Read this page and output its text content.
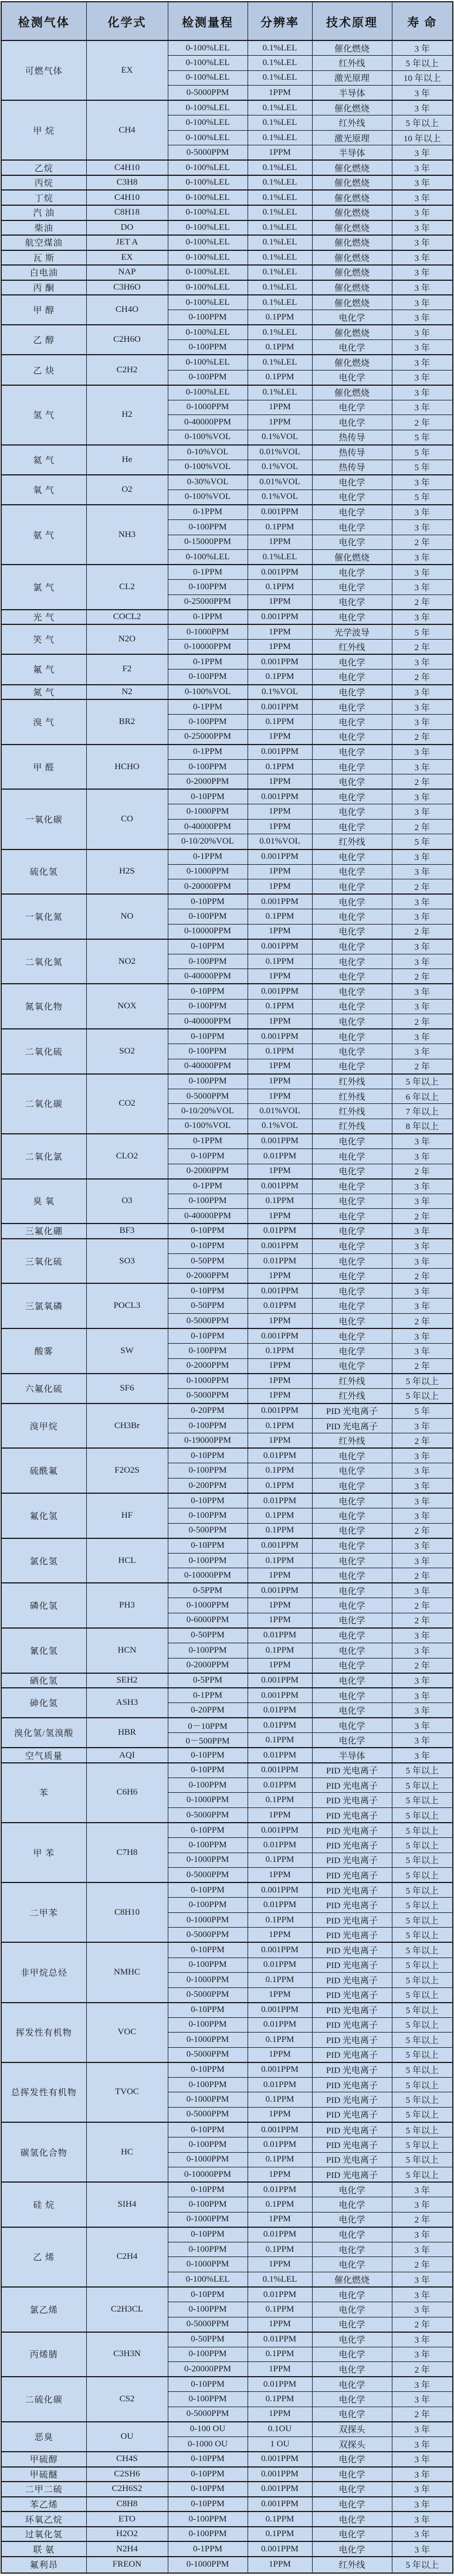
检测气体	化学式	检测量程	分辨率	技术原理	寿 命
可燃气体	EX	0-100%LEL	0.1%LEL	催化燃烧	3 年
		0-100%LEL	0.1%LEL	红外线	5 年以上
		0-100%LEL	0.1%LEL	激光原理	10 年以上
		0-5000PPM	1PPM	半导体	3 年
甲 烷	CH4	0-100%LEL	0.1%LEL	催化燃烧	3 年
		0-100%LEL	0.1%LEL	红外线	5 年以上
		0-100%LEL	0.1%LEL	激光原理	10 年以上
		0-5000PPM	1PPM	半导体	3 年
乙烷	C4H10	0-100%LEL	0.1%LEL	催化燃烧	3 年
丙烷	C3H8	0-100%LEL	0.1%LEL	催化燃烧	3 年
丁烷	C4H10	0-100%LEL	0.1%LEL	催化燃烧	3 年
汽 油	C8H18	0-100%LEL	0.1%LEL	催化燃烧	3 年
柴油	DO	0-100%LEL	0.1%LEL	催化燃烧	3 年
航空煤油	JET A	0-100%LEL	0.1%LEL	催化燃烧	3 年
瓦 斯	EX	0-100%LEL	0.1%LEL	催化燃烧	3 年
白电油	NAP	0-100%LEL	0.1%LEL	催化燃烧	3 年
丙 酮	C3H6O	0-100%LEL	0.1%LEL	催化燃烧	3 年
甲 醇	CH4O	0-100%LEL	0.1%LEL	催化燃烧	3 年
		0-100PPM	0.1PPM	电化学	3 年
乙 醇	C2H6O	0-100%LEL	0.1%LEL	催化燃烧	3 年
		0-100PPM	0.1PPM	电化学	3 年
乙 炔	C2H2	0-100%LEL	0.1%LEL	催化燃烧	3 年
		0-100PPM	0.1PPM	电化学	3 年
氢 气	H2	0-100%LEL	0.1%LEL	催化燃烧	3 年
		0-1000PPM	1PPM	电化学	3 年
		0-40000PPM	1PPM	电化学	2 年
		0-100%VOL	0.1%VOL	热传导	5 年
氦 气	He	0-10%VOL	0.01%VOL	热传导	5 年
		0-100%VOL	0.1%VOL	热传导	5 年
氧 气	O2	0-30%VOL	0.01%VOL	电化学	3 年
		0-100%VOL	0.1%VOL	电化学	5 年
氨 气	NH3	0-1PPM	0.001PPM	电化学	3 年
		0-100PPM	0.1PPM	电化学	3 年
		0-15000PPM	1PPM	电化学	2 年
		0-100%LEL	0.1%LEL	催化燃烧	3 年
氯 气	CL2	0-1PPM	0.001PPM	电化学	3 年
		0-100PPM	0.1PPM	电化学	3 年
		0-25000PPM	1PPM	电化学	2 年
光 气	COCL2	0-1PPM	0.001PPM	电化学	3 年
笑 气	N2O	0-1000PPM	1PPM	光学波导	5 年
		0-10000PPM	1PPM	红外线	2 年
氟 气	F2	0-1PPM	0.001PPM	电化学	3 年
		0-100PPM	0.1PPM	电化学	2 年
氮 气	N2	0-100%VOL	0.1%VOL	电化学	3 年
溴 气	BR2	0-1PPM	0.001PPM	电化学	3 年
		0-100PPM	0.1PPM	电化学	3 年
		0-25000PPM	1PPM	电化学	2 年
甲 醛	HCHO	0-1PPM	0.001PPM	电化学	3 年
		0-100PPM	0.1PPM	电化学	3 年
		0-2000PPM	1PPM	电化学	2 年
一氧化碳	CO	0-10PPM	0.001PPM	电化学	3 年
		0-1000PPM	1PPM	电化学	3 年
		0-40000PPM	1PPM	电化学	2 年
		0-10/20%VOL	0.01%VOL	红外线	5 年
硫化氢	H2S	0-1PPM	0.001PPM	电化学	3 年
		0-1000PPM	1PPM	电化学	3 年
		0-20000PPM	1PPM	电化学	2 年
一氧化氮	NO	0-10PPM	0.001PPM	电化学	3 年
		0-100PPM	0.1PPM	电化学	3 年
		0-10000PPM	1PPM	电化学	2 年
二氧化氮	NO2	0-10PPM	0.001PPM	电化学	3 年
		0-100PPM	0.1PPM	电化学	3 年
		0-40000PPM	1PPM	电化学	2 年
氮氧化物	NOX	0-10PPM	0.001PPM	电化学	3 年
		0-100PPM	0.1PPM	电化学	3 年
		0-40000PPM	1PPM	电化学	2 年
二氧化硫	SO2	0-10PPM	0.001PPM	电化学	3 年
		0-100PPM	0.1PPM	电化学	3 年
		0-40000PPM	1PPM	电化学	2 年
二氧化碳	CO2	0-100PPM	1PPM	红外线	5 年以上
		0-5000PPM	1PPM	红外线	6 年以上
		0-10/20%VOL	0.01%VOL	红外线	7 年以上
		0-100%VOL	0.1%VOL	红外线	8 年以上
二氧化氯	CLO2	0-1PPM	0.001PPM	电化学	3 年
		0-10PPM	0.01PPM	电化学	3 年
		0-2000PPM	1PPM	电化学	2 年
臭 氧	O3	0-1PPM	0.001PPM	电化学	3 年
		0-100PPM	0.1PPM	电化学	3 年
		0-40000PPM	1PPM	电化学	2 年
三氟化硼	BF3	0-10PPM	0.01PPM	电化学	3 年
三氧化硫	SO3	0-10PPM	0.001PPM	电化学	3 年
		0-50PPM	0.01PPM	电化学	3 年
		0-2000PPM	1PPM	电化学	2 年
三氯氧磷	POCL3	0-10PPM	0.001PPM	电化学	3 年
		0-50PPM	0.01PPM	电化学	3 年
		0-5000PPM	1PPM	电化学	2 年
酸雾	SW	0-10PPM	0.001PPM	电化学	3 年
		0-100PPM	0.1PPM	电化学	3 年
		0-2000PPM	1PPM	电化学	2 年
六氟化硫	SF6	0-1000PPM	1PPM	红外线	5 年以上
		0-5000PPM	1PPM	红外线	5 年以上
溴甲烷	CH3Br	0-20PPM	0.001PPM	PID 光电离子	5 年
		0-100PPM	0.1PPM	PID 光电离子	3 年
		0-19000PPM	1PPM	红外线	2 年
硫酰氟	F2O2S	0-10PPM	0.01PPM	电化学	3 年
		0-100PPM	0.1PPM	电化学	3 年
		0-200PPM	0.1PPM	电化学	3 年
氟化氢	HF	0-10PPM	0.01PPM	电化学	3 年
		0-100PPM	0.1PPM	电化学	3 年
		0-500PPM	0.1PPM	电化学	2 年
氯化氢	HCL	0-10PPM	0.001PPM	电化学	3 年
		0-100PPM	0.1PPM	电化学	3 年
		0-10000PPM	1PPM	电化学	2 年
磷化氢	PH3	0-5PPM	0.001PPM	电化学	3 年
		0-1000PPM	1PPM	电化学	2 年
		0-6000PPM	1PPM	电化学	2 年
氰化氢	HCN	0-50PPM	0.01PPM	电化学	3 年
		0-100PPM	0.1PPM	电化学	3 年
		0-2000PPM	1PPM	电化学	2 年
硒化氢	SEH2	0-5PPM	0.001PPM	电化学	3 年
砷化氢	ASH3	0-1PPM	0.001PPM	电化学	3 年
		0-20PPM	0.01PPM	电化学	3 年
溴化氢/氢溴酸	HBR	0－10PPM	0.01PPM	电化学	3 年
		0－500PPM	0.1PPM	电化学	3 年
空气质量	AQI	0-10PPM	0.01PPM	半导体	3 年
苯	C6H6	0-10PPM	0.001PPM	PID 光电离子	5 年以上
		0-100PPM	0.01PPM	PID 光电离子	5 年以上
		0-1000PPM	0.1PPM	PID 光电离子	5 年以上
		0-5000PPM	1PPM	PID 光电离子	5 年以上
甲 苯	C7H8	0-10PPM	0.001PPM	PID 光电离子	5 年以上
		0-100PPM	0.01PPM	PID 光电离子	5 年以上
		0-1000PPM	0.1PPM	PID 光电离子	5 年以上
		0-5000PPM	1PPM	PID 光电离子	5 年以上
二甲苯	C8H10	0-10PPM	0.001PPM	PID 光电离子	5 年以上
		0-100PPM	0.01PPM	PID 光电离子	5 年以上
		0-1000PPM	0.1PPM	PID 光电离子	5 年以上
		0-5000PPM	1PPM	PID 光电离子	5 年以上
非甲烷总烃	NMHC	0-10PPM	0.001PPM	PID 光电离子	5 年以上
		0-100PPM	0.01PPM	PID 光电离子	5 年以上
		0-1000PPM	0.1PPM	PID 光电离子	5 年以上
		0-5000PPM	1PPM	PID 光电离子	5 年以上
挥发性有机物	VOC	0-10PPM	0.001PPM	PID 光电离子	5 年以上
		0-100PPM	0.01PPM	PID 光电离子	5 年以上
		0-1000PPM	0.1PPM	PID 光电离子	5 年以上
		0-5000PPM	1PPM	PID 光电离子	5 年以上
总挥发性有机物	TVOC	0-10PPM	0.001PPM	PID 光电离子	5 年以上
		0-100PPM	0.01PPM	PID 光电离子	5 年以上
		0-1000PPM	0.1PPM	PID 光电离子	5 年以上
		0-5000PPM	1PPM	PID 光电离子	5 年以上
碳氢化合物	HC	0-10PPM	0.001PPM	PID 光电离子	5 年以上
		0-100PPM	0.01PPM	PID 光电离子	5 年以上
		0-1000PPM	0.1PPM	PID 光电离子	5 年以上
		0-10000PPM	1PPM	PID 光电离子	5 年以上
硅 烷	SIH4	0-10PPM	0.01PPM	电化学	3 年
		0-100PPM	0.1PPM	电化学	3 年
		0-1000PPM	1PPM	电化学	2 年
乙 烯	C2H4	0-10PPM	0.01PPM	电化学	3 年
		0-100PPM	0.1PPM	电化学	3 年
		0-1000PPM	1PPM	电化学	2 年
		0-100%LEL	0.1%LEL	催化燃烧	3 年
氯乙烯	C2H3CL	0-10PPM	0.01PPM	电化学	3 年
		0-100PPM	0.1PPM	电化学	3 年
		0-5000PPM	1PPM	电化学	2 年
丙烯腈	C3H3N	0-50PPM	0.01PPM	电化学	3 年
		0-100PPM	0.1PPM	电化学	3 年
		0-20000PPM	1PPM	电化学	2 年
二硫化碳	CS2	0-10PPM	0.01PPM	电化学	3 年
		0-100PPM	0.1PPM	电化学	3 年
		0-5000PPM	1PPM	电化学	2 年
恶臭	OU	0-100 OU	0.1OU	双探头	3 年
		0-1000 OU	1 OU	双探头	3 年
甲硫醇	CH4S	0-10PPM	0.001PPM	电化学	3 年
甲硫醚	C2SH6	0-10PPM	0.001PPM	电化学	3 年
二甲二硫	C2H6S2	0-10PPM	0.001PPM	电化学	3 年
苯乙烯	C8H8	0-10PPM	0.001PPM	电化学	3 年
环氧乙烷	ETO	0-100PPM	0.1PPM	电化学	3 年
过氧化氢	H2O2	0-100PPM	0.1PPM	电化学	3 年
联 氨	N2H4	0-1PPM	0.001PPM	电化学	3 年
氟利昂	FREON	0-1000PPM	1PPM	红外线	5 年以上
